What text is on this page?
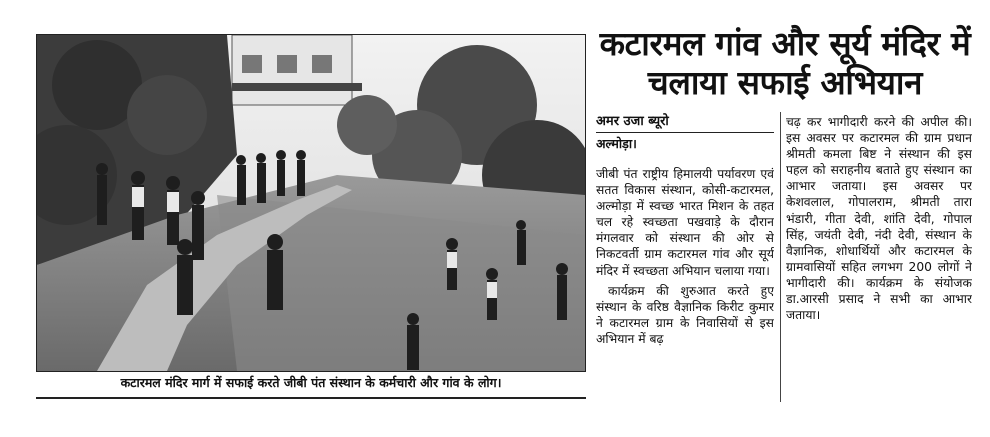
कटारमल मंदिर मार्ग में सफाई करते जीबी पंत संस्थान के कर्मचारी और गांव के लोग।
कटारमल गांव और सूर्य मंदिर में चलाया सफाई अभियान
अमर उजा ब्यूरो
अल्मोड़ा।

जीबी पंत राष्ट्रीय हिमालयी पर्यावरण एवं सतत विकास संस्थान, कोसी-कटारमल, अल्मोड़ा में स्वच्छ भारत मिशन के तहत चल रहे स्वच्छता पखवाड़े के दौरान मंगलवार को संस्थान की ओर से निकटवर्ती ग्राम कटारमल गांव और सूर्य मंदिर में स्वच्छता अभियान चलाया गया।

कार्यक्रम की शुरुआत करते हुए संस्थान के वरिष्ठ वैज्ञानिक किरीट कुमार ने कटारमल ग्राम के निवासियों से इस अभियान में बढ़

चढ़ कर भागीदारी करने की अपील की। इस अवसर पर कटारमल की ग्राम प्रधान श्रीमती कमला बिष्ट ने संस्थान की इस पहल को सराहनीय बताते हुए संस्थान का आभार जताया। इस अवसर पर केशवलाल, गोपालराम, श्रीमती तारा भंडारी, गीता देवी, शांति देवी, गोपाल सिंह, जयंती देवी, नंदी देवी, संस्थान के वैज्ञानिक, शोधार्थियों और कटारमल के ग्रामवासियों सहित लगभग 200 लोगों ने भागीदारी की। कार्यक्रम के संयोजक डा.आरसी प्रसाद ने सभी का आभार जताया।
